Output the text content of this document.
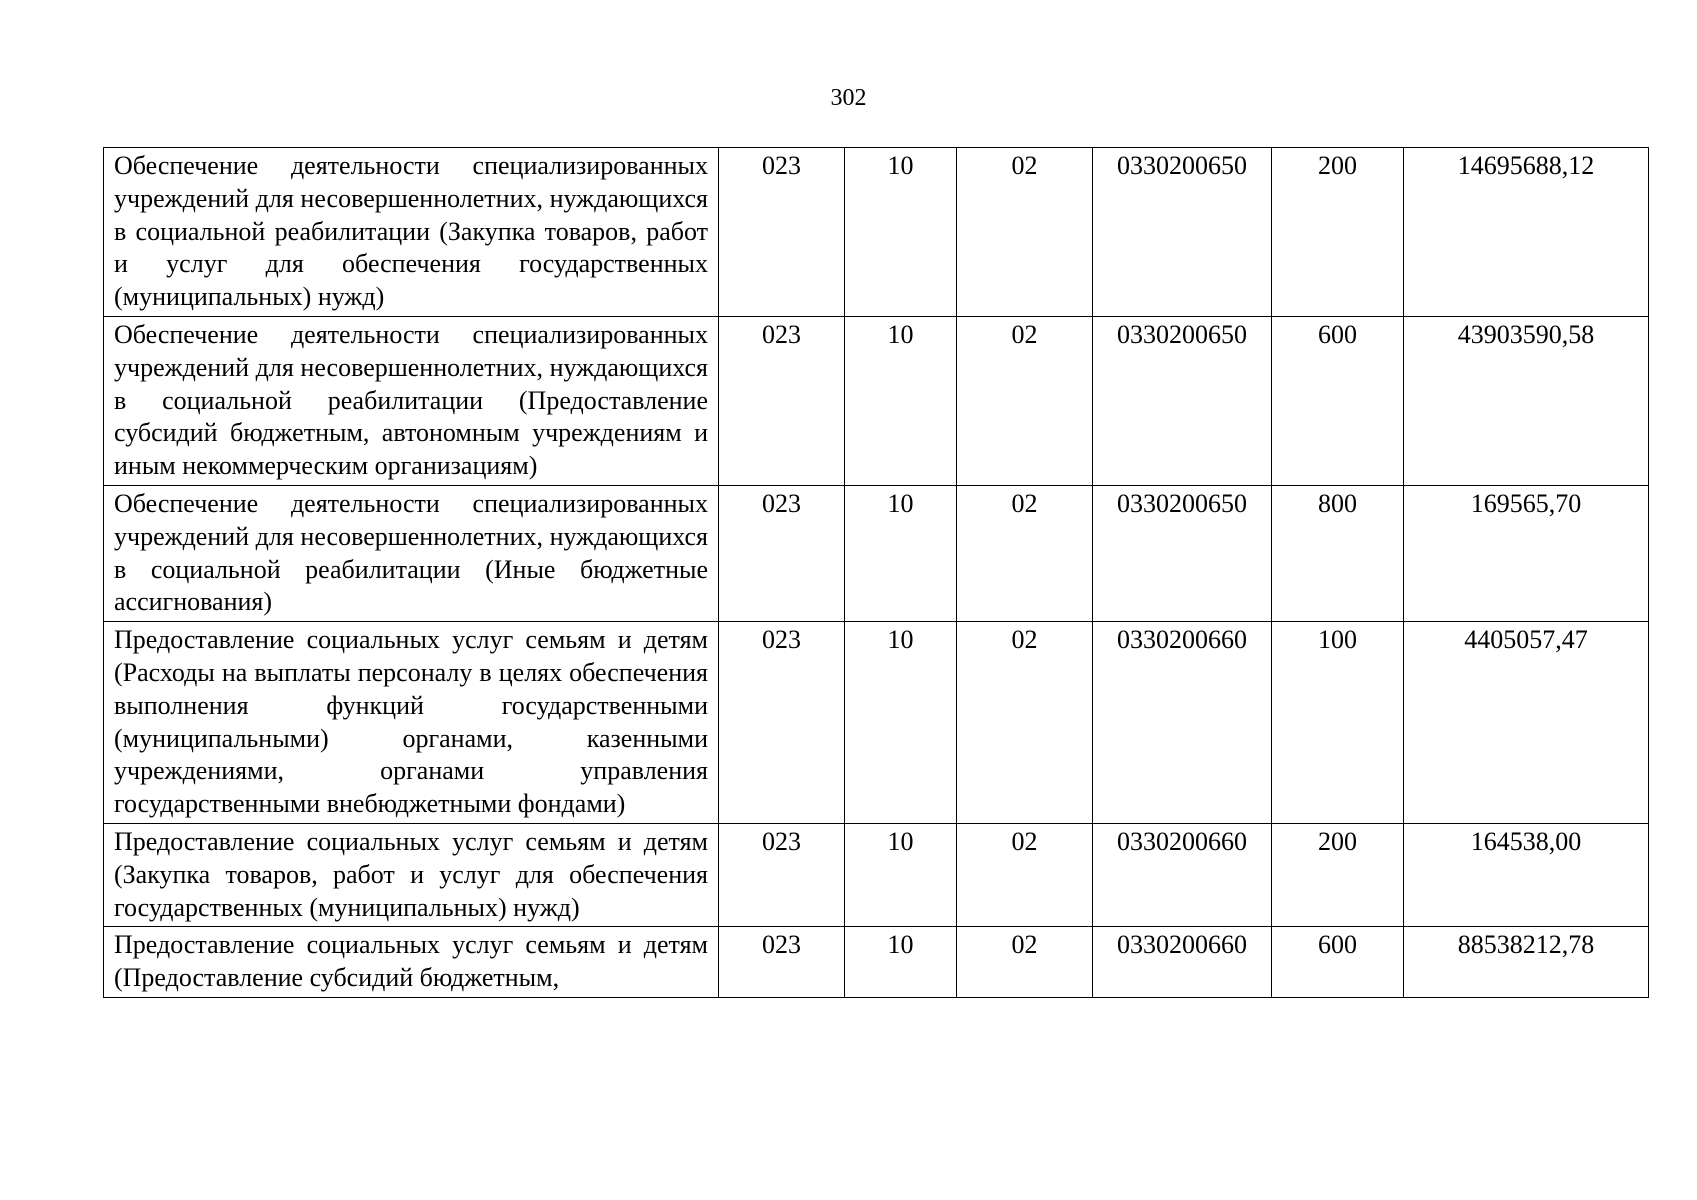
302
Обеспечение деятельности специализированных учреждений для несовершеннолетних, нуждающихся в социальной реабилитации (Закупка товаров, работ и услуг для обеспечения государственных (муниципальных) нужд)	023	10	02	0330200650	200	14695688,12
Обеспечение деятельности специализированных учреждений для несовершеннолетних, нуждающихся в социальной реабилитации (Предоставление субсидий бюджетным, автономным учреждениям и иным некоммерческим организациям)	023	10	02	0330200650	600	43903590,58
Обеспечение деятельности специализированных учреждений для несовершеннолетних, нуждающихся в социальной реабилитации (Иные бюджетные ассигнования)	023	10	02	0330200650	800	169565,70
Предоставление социальных услуг семьям и детям (Расходы на выплаты персоналу в целях обеспечения выполнения функций государственными (муниципальными) органами, казенными учреждениями, органами управления государственными внебюджетными фондами)	023	10	02	0330200660	100	4405057,47
Предоставление социальных услуг семьям и детям (Закупка товаров, работ и услуг для обеспечения государственных (муниципальных) нужд)	023	10	02	0330200660	200	164538,00
Предоставление социальных услуг семьям и детям (Предоставление субсидий бюджетным,	023	10	02	0330200660	600	88538212,78
